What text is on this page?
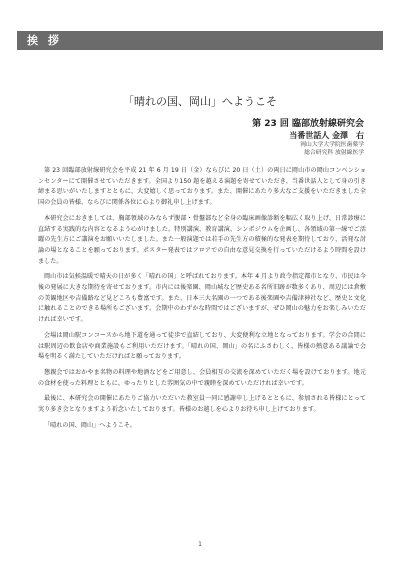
挨 拶
「晴れの国、岡山」へようこそ
第 23 回 臨部放射線研究会
当番世話人 金澤　右
岡山大学大学院医歯薬学
総合研究科 放射線医学

第 23 回臨部放射線研究会を平成 21 年 6 月 19 日（金）ならびに 20 日（土）の両日に岡山市の岡山コンベンションセンターにて開催させていただきます。全国より150 題を越える演題を寄せていただき、当番世話人として身の引き締まる思いがいたしますとともに、大変嬉しく思っております。また、開催にあたり多大なご支援をいただきました全国の会員の皆様、ならびに関係各位に心より御礼申し上げます。

本研究会におきましては、胸部領域のみならず腹部・骨盤部など全身の臨床画像診断を幅広く取り上げ、日常診療に直結する実践的な内容となるよう心がけました。特別講演、教育講演、シンポジウムを企画し、各領域の第一線でご活躍の先生方にご講演をお願いいたしました。また一般演題では若手の先生方の積極的な発表を期待しており、活発な討論の場となることを願っております。ポスター発表ではフロアでの自由な意見交換を行っていただけるよう時間を設けました。

岡山市は気候温暖で晴天の日が多く「晴れの国」と呼ばれております。本年 4 月より政令指定都市となり、市民は今後の発展に大きな期待を寄せております。市内には後楽園、岡山城など歴史ある名所旧跡が数多くあり、周辺には倉敷の美観地区や吉備路など見どころも豊富です。また、日本三大名園の一つである後楽園や吉備津神社など、歴史と文化に触れることのできる場所もございます。会期中のわずかな時間ではございますが、ぜひ岡山の魅力をお楽しみいただければ幸いです。

会場は岡山駅コンコースから地下道を通って徒歩で直結しており、大変便利な立地となっております。学会の合間には駅周辺の飲食店や商業施設もご利用いただけます。「晴れの国、岡山」の名にふさわしく、皆様の熱意ある議論で会場を明るく満たしていただければと願っております。

懇親会ではおかやま名物の料理や地酒などをご用意し、会員相互の交流を深めていただく場を設けております。地元の食材を使った料理とともに、ゆったりとした雰囲気の中で親睦を深めていただければ幸いです。

最後に、本研究会の開催にあたりご協力いただいた教室員一同に感謝申し上げるとともに、参加される皆様にとって実り多き会となりますよう祈念いたしております。皆様のお越しを心よりお待ち申し上げております。

「晴れの国、岡山」へようこそ。

1
